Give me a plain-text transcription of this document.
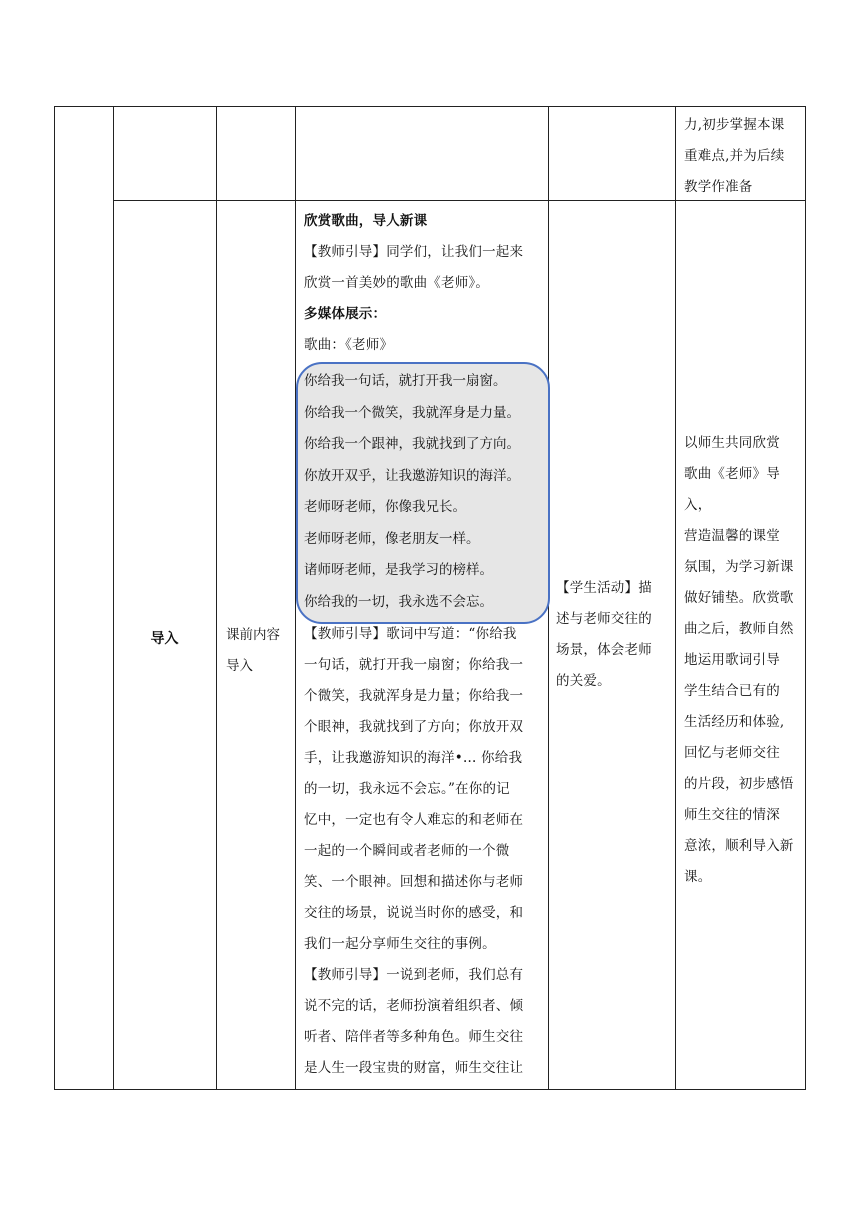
力,初步掌握本课

重难点,并为后续

教学作准备

导入	课前内容

导入

欣赏歌曲，导人新课

【教师引导】同学们，让我们一起来

欣赏一首美妙的歌曲《老师》。

多媒体展示：

歌曲：《老师》

你给我一句话，就打开我一扇窗。

你给我一个微笑，我就浑身是力量。

你给我一个跟神，我就找到了方向。

你放开双乎，让我邀游知识的海洋。

老师呀老师，你像我兄长。

老师呀老师，像老朋友一样。

诸师呀老师，是我学习的榜样。

你给我的一切，我永选不会忘。

【教师引导】歌词中写道：“你给我

一句话，就打开我一扇窗；你给我一

个微笑，我就浑身是力量；你给我一

个眼神，我就找到了方向；你放开双

手，让我邀游知识的海洋•… 你给我

的一切，我永远不会忘。”在你的记

忆中，一定也有令人难忘的和老师在

一起的一个瞬间或者老师的一个微

笑、一个眼神。回想和描述你与老师

交往的场景，说说当时你的感受，和

我们一起分享师生交往的事例。

【教师引导】一说到老师，我们总有

说不完的话，老师扮演着组织者、倾

听者、陪伴者等多种角色。师生交往

是人生一段宝贵的财富，师生交往让

【学生活动】描

述与老师交往的

场景，体会老师

的关爱。

以师生共同欣赏

歌曲《老师》导入，

营造温馨的课堂

氛围，为学习新课

做好铺垫。欣赏歌

曲之后，教师自然

地运用歌词引导

学生结合已有的

生活经历和体验,

回忆与老师交往

的片段，初步感悟

师生交往的情深

意浓，顺利导入新

课。
